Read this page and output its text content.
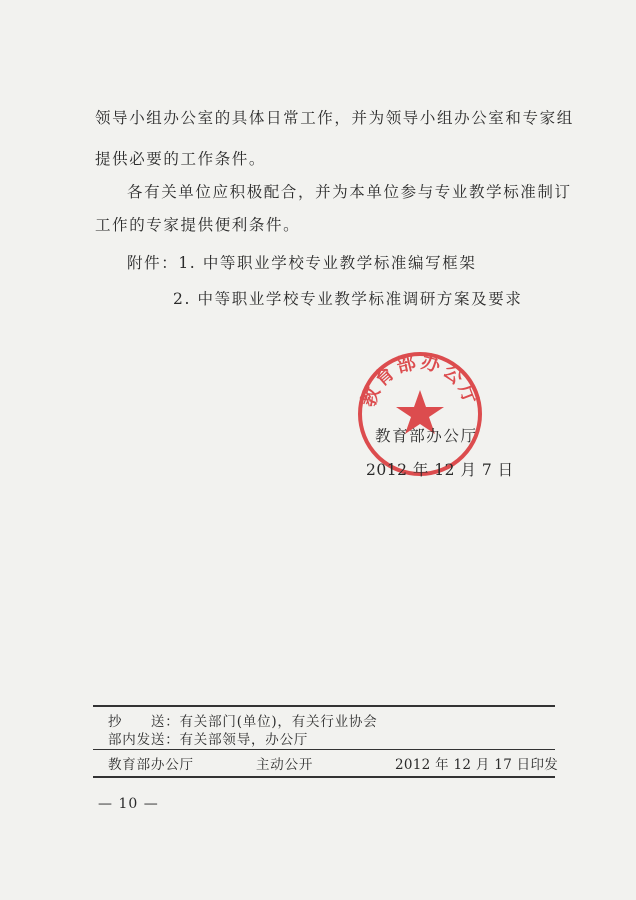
领导小组办公室的具体日常工作，并为领导小组办公室和专家组
提供必要的工作条件。
各有关单位应积极配合，并为本单位参与专业教学标准制订
工作的专家提供便利条件。
附件：1. 中等职业学校专业教学标准编写框架
2. 中等职业学校专业教学标准调研方案及要求
教育部办公厅
教育部办公厅
2012 年 12 月 7 日
抄　　送：有关部门(单位)，有关行业协会
部内发送：有关部领导，办公厅
教育部办公厅	主动公开	2012 年 12 月 17 日印发
— 10 —
